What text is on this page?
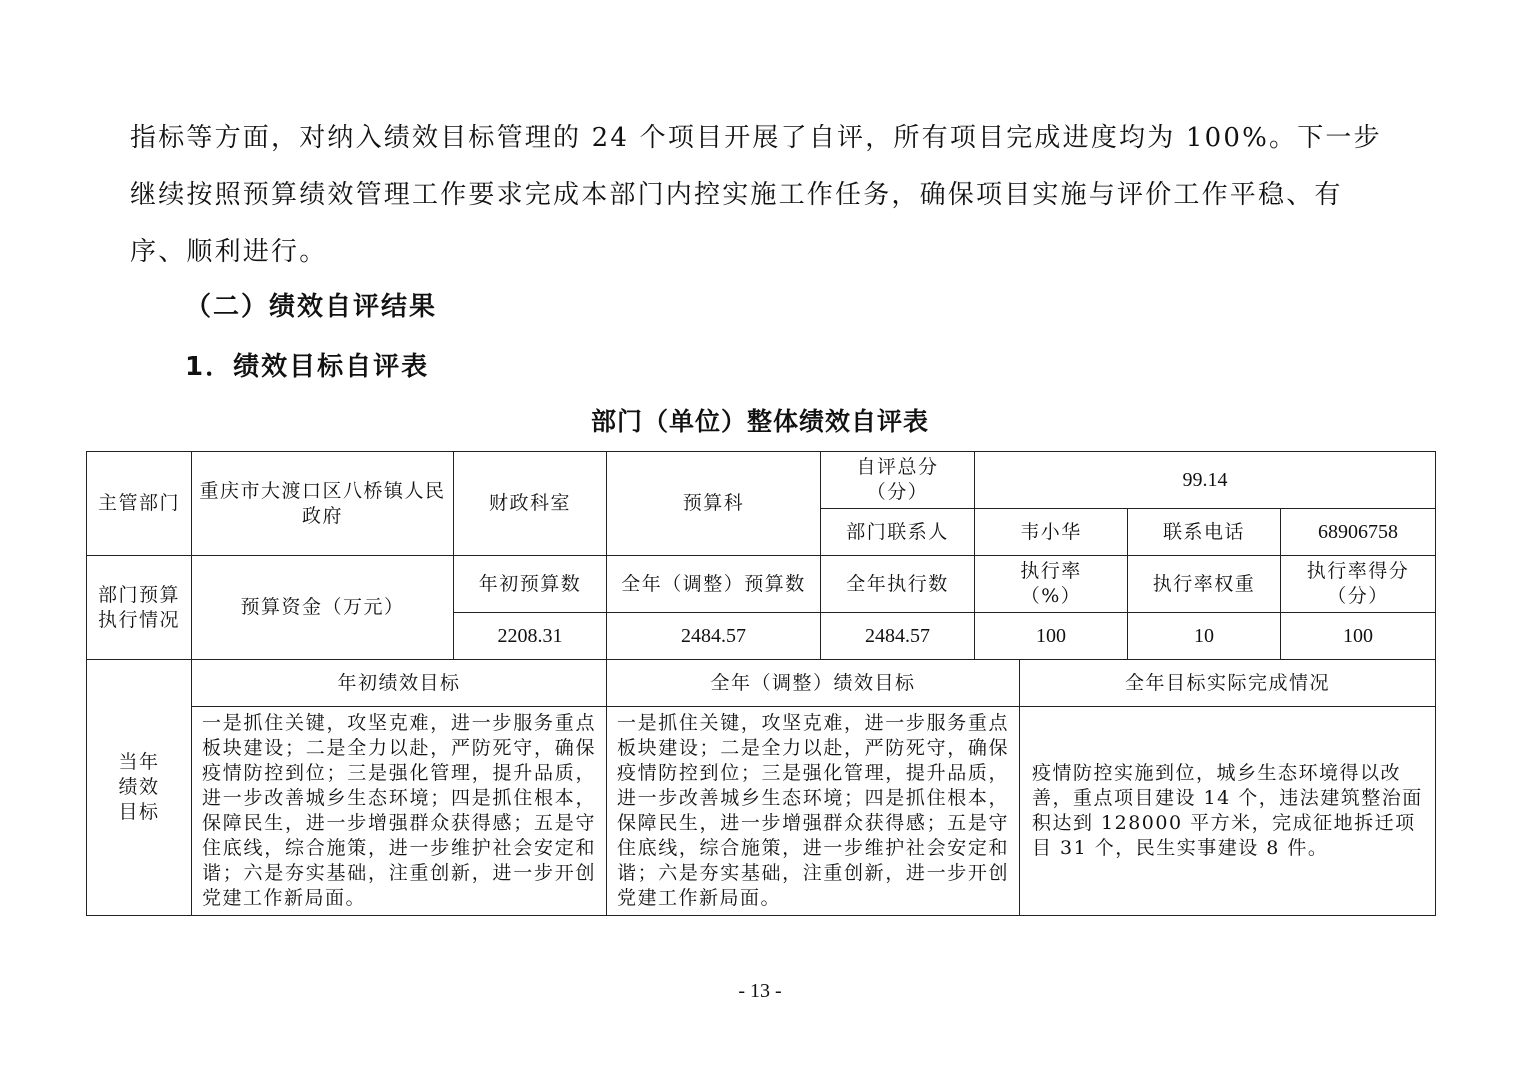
指标等方面，对纳入绩效目标管理的 24 个项目开展了自评，所有项目完成进度均为 100%。下一步
继续按照预算绩效管理工作要求完成本部门内控实施工作任务，确保项目实施与评价工作平稳、有
序、顺利进行。
（二）绩效自评结果
1．绩效目标自评表
部门（单位）整体绩效自评表
主管部门	重庆市大渡口区八桥镇人民政府	财政科室	预算科	自评总分（分）	99.14			
				部门联系人	韦小华		联系电话	68906758
部门预算执行情况	预算资金（万元）	年初预算数	全年（调整）预算数	全年执行数	执行率（%）		执行率权重	执行率得分（分）
		2208.31	2484.57	2484.57	100		10	100
当年绩效目标	年初绩效目标		全年（调整）绩效目标			全年目标实际完成情况		
	一是抓住关键，攻坚克难，进一步服务重点板块建设；二是全力以赴，严防死守，确保疫情防控到位；三是强化管理，提升品质，进一步改善城乡生态环境；四是抓住根本，保障民生，进一步增强群众获得感；五是守住底线，综合施策，进一步维护社会安定和谐；六是夯实基础，注重创新，进一步开创党建工作新局面。		一是抓住关键，攻坚克难，进一步服务重点板块建设；二是全力以赴，严防死守，确保疫情防控到位；三是强化管理，提升品质，进一步改善城乡生态环境；四是抓住根本，保障民生，进一步增强群众获得感；五是守住底线，综合施策，进一步维护社会安定和谐；六是夯实基础，注重创新，进一步开创党建工作新局面。			疫情防控实施到位，城乡生态环境得以改善，重点项目建设 14 个，违法建筑整治面积达到 128000 平方米，完成征地拆迁项目 31 个，民生实事建设 8 件。		

- 13 -
